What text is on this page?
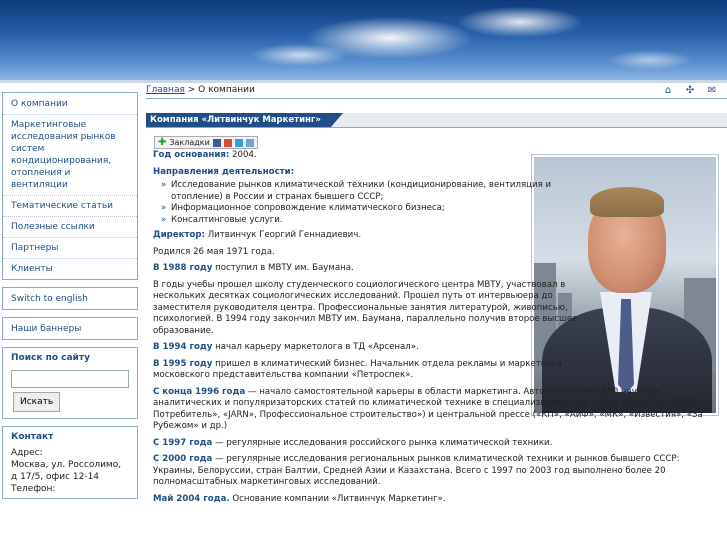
О компании
Маркетинговые исследования рынков систем кондиционирования, отопления и вентиляции
Тематические статьи
Полезные ссылки
Партнеры
Клиенты
Switch to english
Наши баннеры
Поиск по сайту
Искать
Контакт
Адрес:
Москва, ул. Россолимо, д 17/5, офис 12-14
Телефон:
Главная > О компании	⌂ ✣ ✉
Компания «Литвинчук Маркетинг»
✚ Закладки

Год основания: 2004.

Направления деятельности:

» Исследование рынков климатической техники (кондиционирование, вентиляция и отопление) в России и странах бывшего СССР;
» Информационное сопровождение климатического бизнеса;
» Консалтинговые услуги.

Директор: Литвинчук Георгий Геннадиевич.

Родился 26 мая 1971 года.

В 1988 году поступил в МВТУ им. Баумана.

В годы учебы прошел школу студенческого социологического центра МВТУ, участвовал в нескольких десятках социологических исследований. Прошел путь от интервьюера до заместителя руководителя центра. Профессиональные занятия литературой, живописью, психологией. В 1994 году закончил МВТУ им. Баумана, параллельно получив второе высшее образование.

В 1994 году начал карьеру маркетолога в ТД «Арсенал».

В 1995 году пришел в климатический бизнес. Начальник отдела рекламы и маркетинга московского представительства компании «Петроспек».

С конца 1996 года — начало самостоятельной карьеры в области маркетинга. Автор более чем 150 научных, аналитических и популяризаторских статей по климатической технике в специализированной («Мир Климата», АВОК», Потребитель», «JARN», Профессиональное строительство») и центральной прессе («КП», «АиФ», «МК», «Известия», «За Рубежом» и др.)

С 1997 года — регулярные исследования российского рынка климатической техники.

С 2000 года — регулярные исследования региональных рынков климатической техники и рынков бывшего СССР: Украины, Белоруссии, стран Балтии, Средней Азии и Казахстана. Всего с 1997 по 2003 год выполнено более 20 полномасштабных маркетинговых исследований.

Май 2004 года. Основание компании «Литвинчук Маркетинг».
